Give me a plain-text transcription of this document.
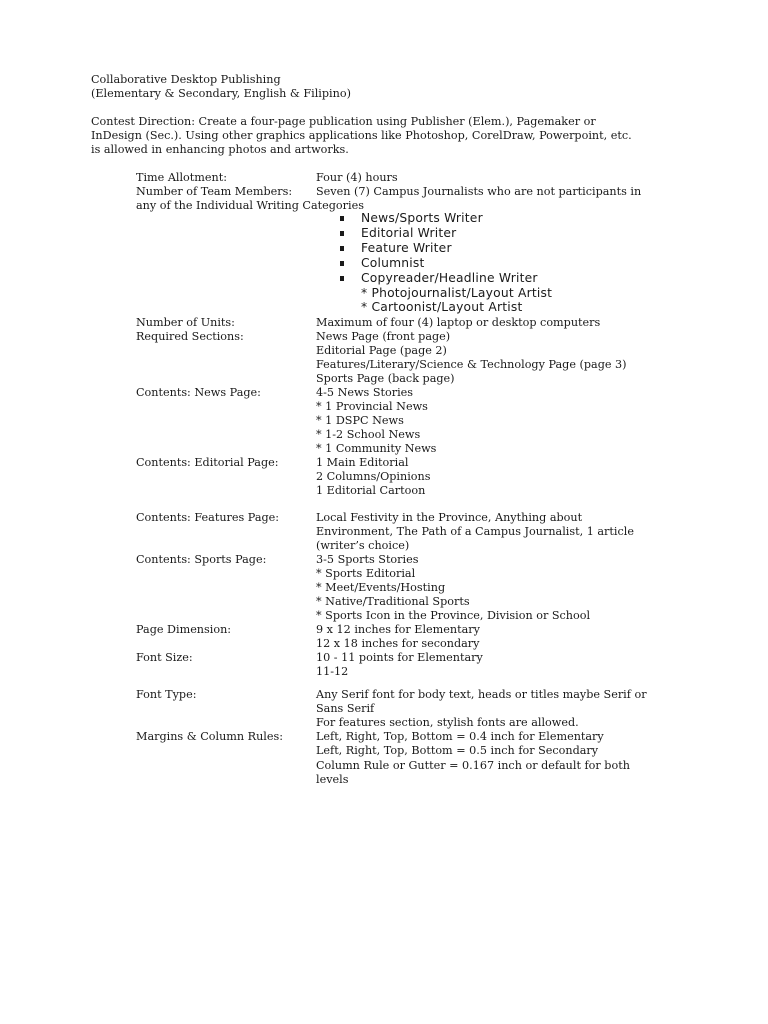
Collaborative Desktop Publishing

(Elementary & Secondary, English & Filipino)

Contest Direction: Create a four-page publication using Publisher (Elem.), Pagemaker or

InDesign (Sec.). Using other graphics applications like Photoshop, CorelDraw, Powerpoint, etc.

is allowed in enhancing photos and artworks.

Time Allotment:	Four (4) hours

Number of Team Members: Seven (7) Campus Journalists who are not participants in

any of the Individual Writing Categories

News/Sports Writer

Editorial Writer

Feature Writer

Columnist

Copyreader/Headline Writer

* Photojournalist/Layout Artist

* Cartoonist/Layout Artist

Number of Units:	Maximum of four (4) laptop or desktop computers

Required Sections:	News Page (front page)

Editorial Page (page 2)

Features/Literary/Science & Technology Page (page 3)

Sports Page (back page)

Contents: News Page:	4-5 News Stories

* 1 Provincial News

* 1 DSPC News

* 1-2 School News

* 1 Community News

Contents: Editorial Page:	1 Main Editorial

2 Columns/Opinions

1 Editorial Cartoon

Contents: Features Page:	Local Festivity in the Province, Anything about

Environment, The Path of a Campus Journalist, 1 article

(writer’s choice)

Contents: Sports Page:	3-5 Sports Stories

* Sports Editorial

* Meet/Events/Hosting

* Native/Traditional Sports

* Sports Icon in the Province, Division or School

Page Dimension:	9 x 12 inches for Elementary

12 x 18 inches for secondary

Font Size:	10 - 11 points for Elementary

11-12

Font Type:	Any Serif font for body text, heads or titles maybe Serif or

Sans Serif

For features section, stylish fonts are allowed.

Margins & Column Rules:	Left, Right, Top, Bottom = 0.4 inch for Elementary

Left, Right, Top, Bottom = 0.5 inch for Secondary

Column Rule or Gutter = 0.167 inch or default for both

levels
